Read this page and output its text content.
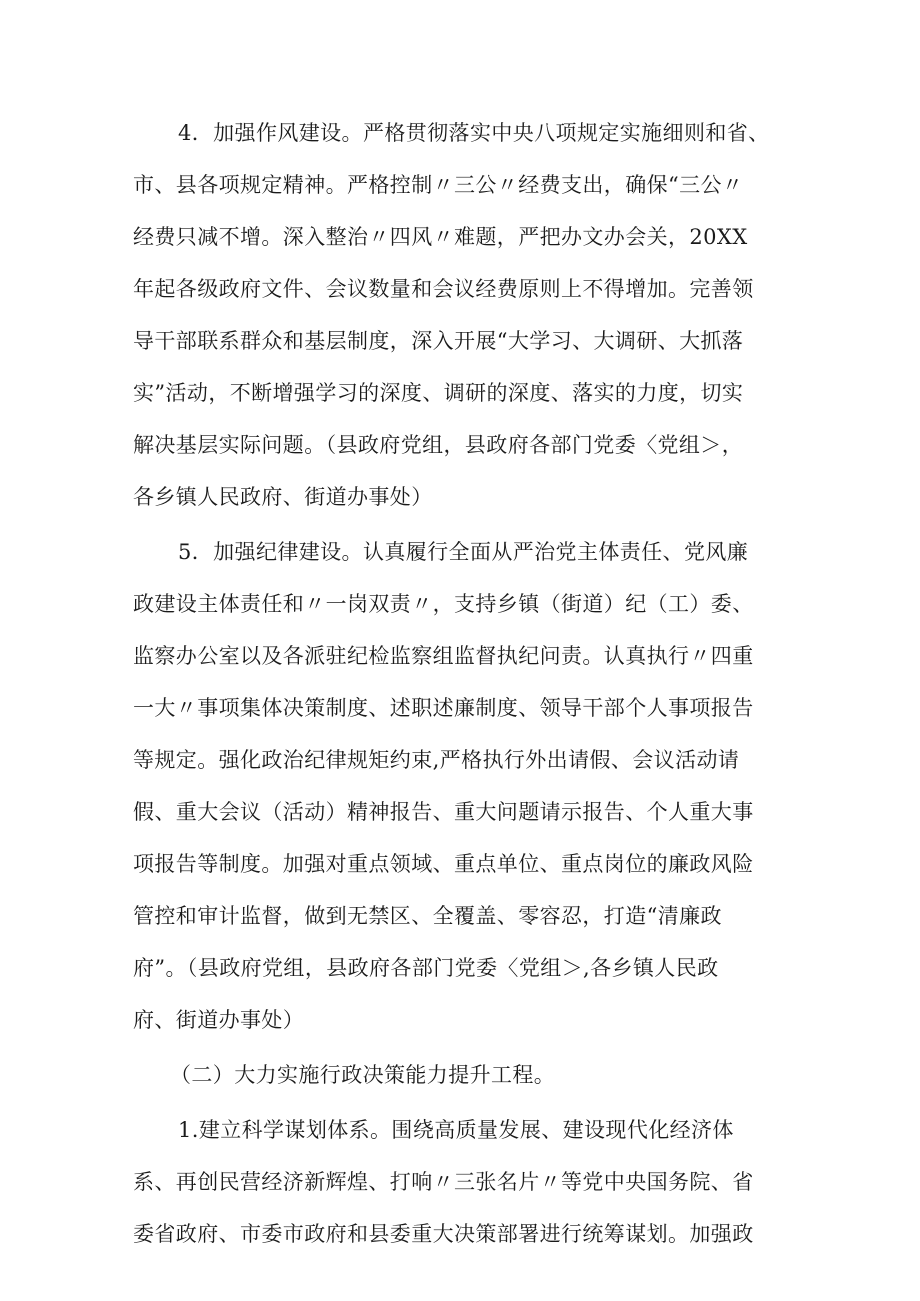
4．加强作风建设。严格贯彻落实中央八项规定实施细则和省、
市、县各项规定精神。严格控制〃三公〃经费支出，确保“三公〃
经费只减不增。深入整治〃四风〃难题，严把办文办会关，20XX
年起各级政府文件、会议数量和会议经费原则上不得增加。完善领
导干部联系群众和基层制度，深入开展“大学习、大调研、大抓落
实”活动，不断增强学习的深度、调研的深度、落实的力度，切实
解决基层实际问题。（县政府党组，县政府各部门党委〈党组＞，
各乡镇人民政府、街道办事处）
5．加强纪律建设。认真履行全面从严治党主体责任、党风廉
政建设主体责任和〃一岗双责〃，支持乡镇（街道）纪（工）委、
监察办公室以及各派驻纪检监察组监督执纪问责。认真执行〃四重
一大〃事项集体决策制度、述职述廉制度、领导干部个人事项报告
等规定。强化政治纪律规矩约束,严格执行外出请假、会议活动请
假、重大会议（活动）精神报告、重大问题请示报告、个人重大事
项报告等制度。加强对重点领域、重点单位、重点岗位的廉政风险
管控和审计监督，做到无禁区、全覆盖、零容忍，打造“清廉政
府”。（县政府党组，县政府各部门党委〈党组＞,各乡镇人民政
府、街道办事处）
（二）大力实施行政决策能力提升工程。
1.建立科学谋划体系。围绕高质量发展、建设现代化经济体
系、再创民营经济新辉煌、打响〃三张名片〃等党中央国务院、省
委省政府、市委市政府和县委重大决策部署进行统筹谋划。加强政
